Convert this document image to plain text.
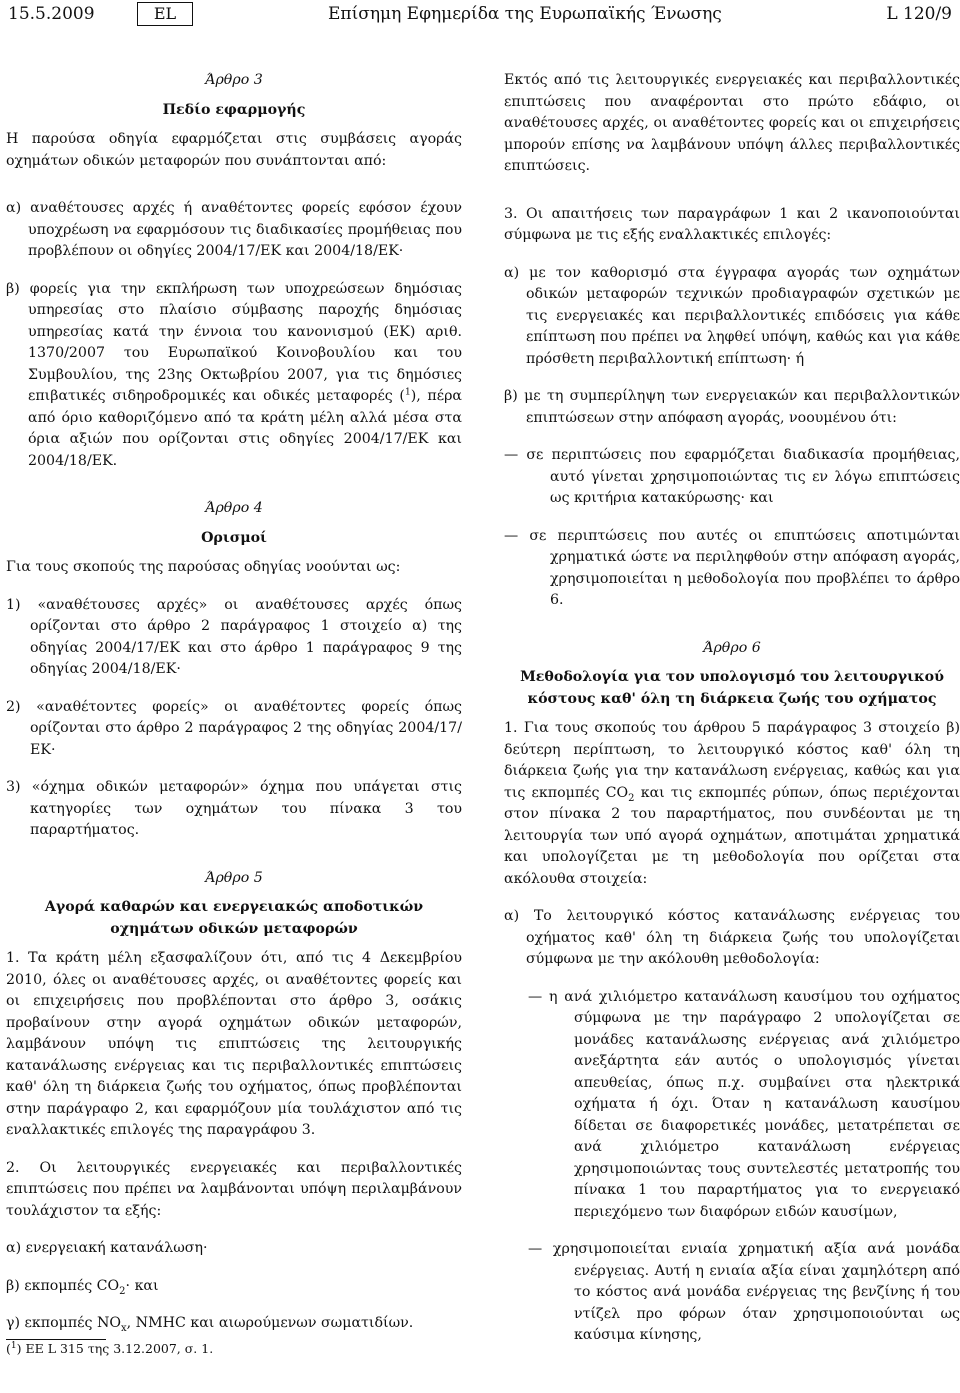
15.5.2009	EL	Επίσημη Εφημερίδα της Ευρωπαϊκής Ένωσης	L 120/9

Άρθρο 3

Πεδίο εφαρμογής

Η παρούσα οδηγία εφαρμόζεται στις συμβάσεις αγοράς οχημάτων οδικών μεταφορών που συνάπτονται από:

α) αναθέτουσες αρχές ή αναθέτοντες φορείς εφόσον έχουν υποχρέωση να εφαρμόσουν τις διαδικασίες προμήθειας που προβλέπουν οι οδηγίες 2004/17/ΕΚ και 2004/18/ΕΚ·

β) φορείς για την εκπλήρωση των υποχρεώσεων δημόσιας υπηρεσίας στο πλαίσιο σύμβασης παροχής δημόσιας υπηρεσίας κατά την έννοια του κανονισμού (ΕΚ) αριθ. 1370/2007 του Ευρωπαϊκού Κοινοβουλίου και του Συμβουλίου, της 23ης Οκτωβρίου 2007, για τις δημόσιες επιβατικές σιδηροδρομικές και οδικές μεταφορές ($^1$), πέρα από όριο καθοριζόμενο από τα κράτη μέλη αλλά μέσα στα όρια αξιών που ορίζονται στις οδηγίες 2004/17/ΕΚ και 2004/18/ΕΚ.

Άρθρο 4

Ορισμοί

Για τους σκοπούς της παρούσας οδηγίας νοούνται ως:

1) «αναθέτουσες αρχές» οι αναθέτουσες αρχές όπως ορίζονται στο άρθρο 2 παράγραφος 1 στοιχείο α) της οδηγίας 2004/17/ΕΚ και στο άρθρο 1 παράγραφος 9 της οδηγίας 2004/18/ΕΚ·

2) «αναθέτοντες φορείς» οι αναθέτοντες φορείς όπως ορίζονται στο άρθρο 2 παράγραφος 2 της οδηγίας 2004/17/ΕΚ·

3) «όχημα οδικών μεταφορών» όχημα που υπάγεται στις κατηγορίες των οχημάτων του πίνακα 3 του παραρτήματος.

Άρθρο 5

Αγορά καθαρών και ενεργειακώς αποδοτικών οχημάτων οδικών μεταφορών

1. Τα κράτη μέλη εξασφαλίζουν ότι, από τις 4 Δεκεμβρίου 2010, όλες οι αναθέτουσες αρχές, οι αναθέτοντες φορείς και οι επιχειρήσεις που προβλέπονται στο άρθρο 3, οσάκις προβαίνουν στην αγορά οχημάτων οδικών μεταφορών, λαμβάνουν υπόψη τις επιπτώσεις της λειτουργικής κατανάλωσης ενέργειας και τις περιβαλλοντικές επιπτώσεις καθ' όλη τη διάρκεια ζωής του οχήματος, όπως προβλέπονται στην παράγραφο 2, και εφαρμόζουν μία τουλάχιστον από τις εναλλακτικές επιλογές της παραγράφου 3.

2. Οι λειτουργικές ενεργειακές και περιβαλλοντικές επιπτώσεις που πρέπει να λαμβάνονται υπόψη περιλαμβάνουν τουλάχιστον τα εξής:

α) ενεργειακή κατανάλωση·

β) εκπομπές $CO_2\cdot \kappa\alpha\iota$

γ) εκπομπές $NO_x$, NMHC και αιωρούμενων σωματιδίων.

($^1$) ΕΕ L 315 της 3.12.2007, σ. 1.

Εκτός από τις λειτουργικές ενεργειακές και περιβαλλοντικές επιπτώσεις που αναφέρονται στο πρώτο εδάφιο, οι αναθέτουσες αρχές, οι αναθέτοντες φορείς και οι επιχειρήσεις μπορούν επίσης να λαμβάνουν υπόψη άλλες περιβαλλοντικές επιπτώσεις.

3. Οι απαιτήσεις των παραγράφων 1 και 2 ικανοποιούνται σύμφωνα με τις εξής εναλλακτικές επιλογές:

α) με τον καθορισμό στα έγγραφα αγοράς των οχημάτων οδικών μεταφορών τεχνικών προδιαγραφών σχετικών με τις ενεργειακές και περιβαλλοντικές επιδόσεις για κάθε επίπτωση που πρέπει να ληφθεί υπόψη, καθώς και για κάθε πρόσθετη περιβαλλοντική επίπτωση· ή

β) με τη συμπερίληψη των ενεργειακών και περιβαλλοντικών επιπτώσεων στην απόφαση αγοράς, νοουμένου ότι:

— σε περιπτώσεις που εφαρμόζεται διαδικασία προμήθειας, αυτό γίνεται χρησιμοποιώντας τις εν λόγω επιπτώσεις ως κριτήρια κατακύρωσης· και

— σε περιπτώσεις που αυτές οι επιπτώσεις αποτιμώνται χρηματικά ώστε να περιληφθούν στην απόφαση αγοράς, χρησιμοποιείται η μεθοδολογία που προβλέπει το άρθρο 6.

Άρθρο 6

Μεθοδολογία για τον υπολογισμό του λειτουργικού κόστους καθ' όλη τη διάρκεια ζωής του οχήματος

1. Για τους σκοπούς του άρθρου 5 παράγραφος 3 στοιχείο β) δεύτερη περίπτωση, το λειτουργικό κόστος καθ' όλη τη διάρκεια ζωής για την κατανάλωση ενέργειας, καθώς και για τις εκπομπές $CO_2$ και τις εκπομπές ρύπων, όπως περιέχονται στον πίνακα 2 του παραρτήματος, που συνδέονται με τη λειτουργία των υπό αγορά οχημάτων, αποτιμάται χρηματικά και υπολογίζεται με τη μεθοδολογία που ορίζεται στα ακόλουθα στοιχεία:

α) Το λειτουργικό κόστος κατανάλωσης ενέργειας του οχήματος καθ' όλη τη διάρκεια ζωής του υπολογίζεται σύμφωνα με την ακόλουθη μεθοδολογία:

— η ανά χιλιόμετρο κατανάλωση καυσίμου του οχήματος σύμφωνα με την παράγραφο 2 υπολογίζεται σε μονάδες κατανάλωσης ενέργειας ανά χιλιόμετρο ανεξάρτητα εάν αυτός ο υπολογισμός γίνεται απευθείας, όπως π.χ. συμβαίνει στα ηλεκτρικά οχήματα ή όχι. Όταν η κατανάλωση καυσίμου δίδεται σε διαφορετικές μονάδες, μετατρέπεται σε ανά χιλιόμετρο κατανάλωση ενέργειας χρησιμοποιώντας τους συντελεστές μετατροπής του πίνακα 1 του παραρτήματος για το ενεργειακό περιεχόμενο των διαφόρων ειδών καυσίμων,

— χρησιμοποιείται ενιαία χρηματική αξία ανά μονάδα ενέργειας. Αυτή η ενιαία αξία είναι χαμηλότερη από το κόστος ανά μονάδα ενέργειας της βενζίνης ή του ντίζελ προ φόρων όταν χρησιμοποιούνται ως καύσιμα κίνησης,
